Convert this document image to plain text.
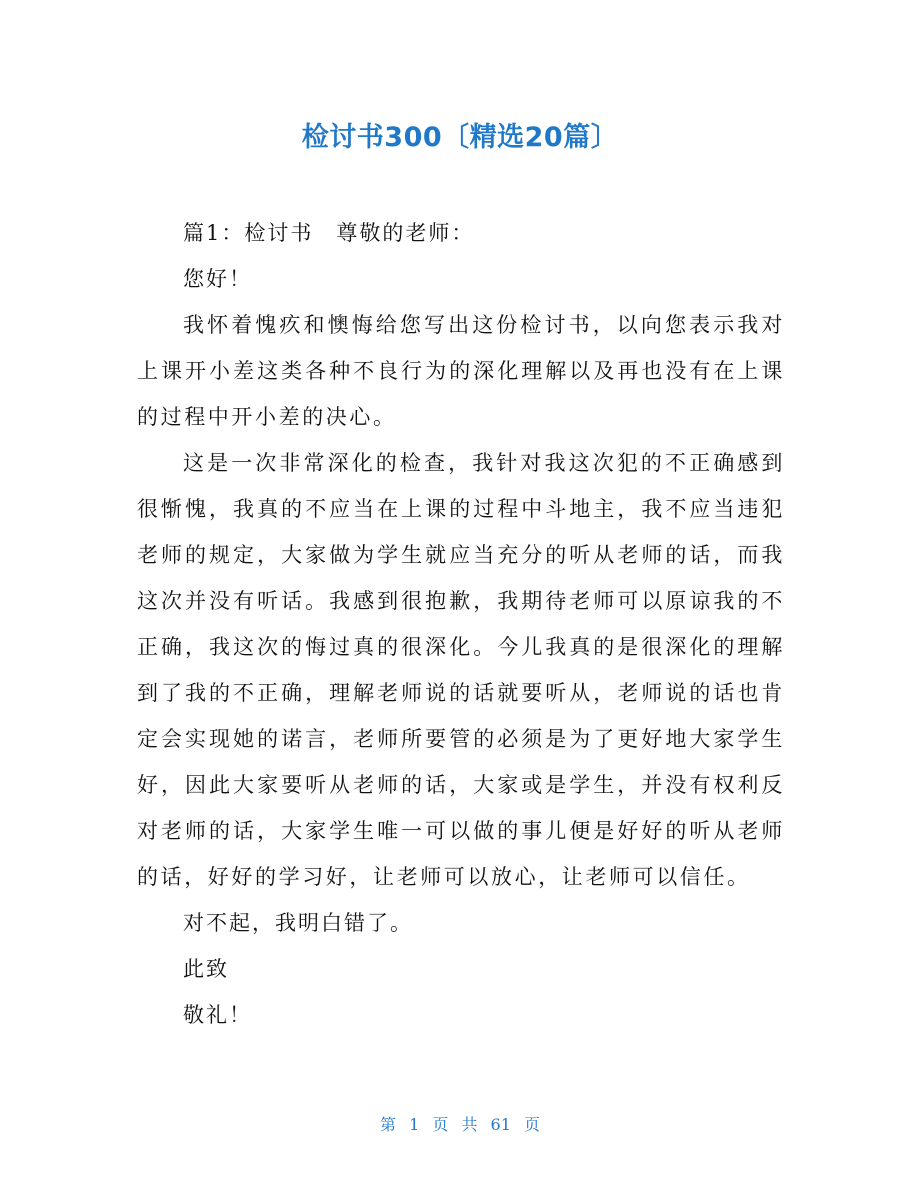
检讨书300〔精选20篇〕

篇1：检讨书　尊敬的老师：

您好！

我怀着愧疚和懊悔给您写出这份检讨书，以向您表示我对上课开小差这类各种不良行为的深化理解以及再也没有在上课的过程中开小差的决心。

这是一次非常深化的检查，我针对我这次犯的不正确感到很惭愧，我真的不应当在上课的过程中斗地主，我不应当违犯老师的规定，大家做为学生就应当充分的听从老师的话，而我这次并没有听话。我感到很抱歉，我期待老师可以原谅我的不正确，我这次的悔过真的很深化。今儿我真的是很深化的理解到了我的不正确，理解老师说的话就要听从，老师说的话也肯定会实现她的诺言，老师所要管的必须是为了更好地大家学生好，因此大家要听从老师的话，大家或是学生，并没有权利反对老师的话，大家学生唯一可以做的事儿便是好好的听从老师的话，好好的学习好，让老师可以放心，让老师可以信任。

对不起，我明白错了。

此致

敬礼！

第 1 页 共 61 页
